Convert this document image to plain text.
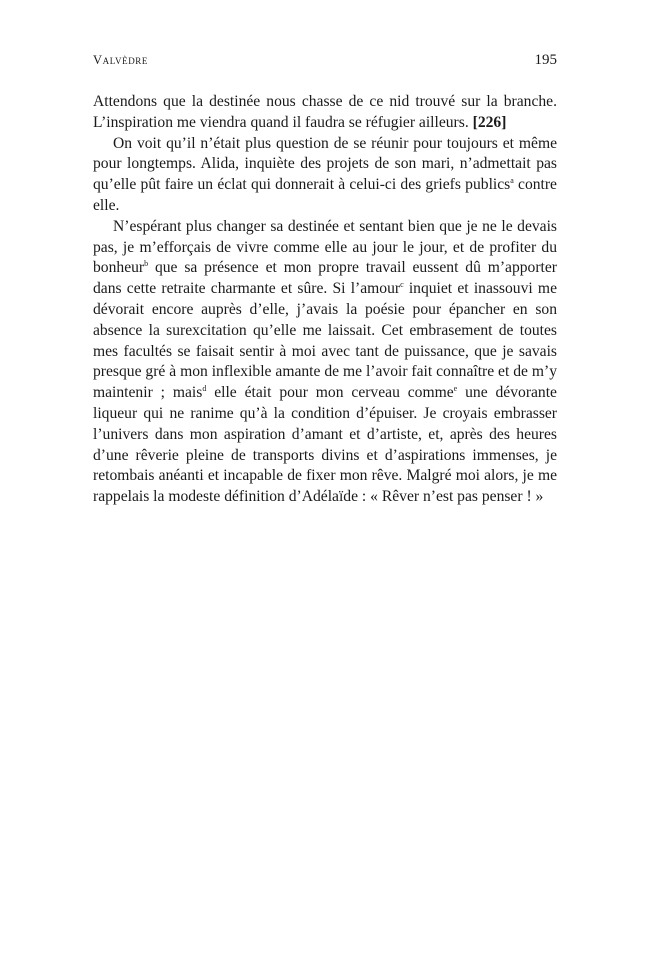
Valvèdre	195

Attendons que la destinée nous chasse de ce nid trouvé sur la branche. L’inspiration me viendra quand il faudra se réfugier ailleurs. [226]

On voit qu’il n’était plus question de se réunir pour toujours et même pour longtemps. Alida, inquiète des projets de son mari, n’admettait pas qu’elle pût faire un éclat qui donnerait à celui-ci des griefs publics$^a$ contre elle.

N’espérant plus changer sa destinée et sentant bien que je ne le devais pas, je m’efforçais de vivre comme elle au jour le jour, et de profiter du bonheur$^b$ que sa présence et mon propre travail eussent dû m’apporter dans cette retraite charmante et sûre. Si l’amour$^c$ inquiet et inassouvi me dévorait encore auprès d’elle, j’avais la poésie pour épancher en son absence la surexcitation qu’elle me laissait. Cet embrasement de toutes mes facultés se faisait sentir à moi avec tant de puissance, que je savais presque gré à mon inflexible amante de me l’avoir fait connaître et de m’y maintenir ; mais$^d$ elle était pour mon cerveau comme$^e$ une dévorante liqueur qui ne ranime qu’à la condition d’épuiser. Je croyais embrasser l’univers dans mon aspiration d’amant et d’artiste, et, après des heures d’une rêverie pleine de transports divins et d’aspirations immenses, je retombais anéanti et incapable de fixer mon rêve. Malgré moi alors, je me rappelais la modeste définition d’Adélaïde : « Rêver n’est pas penser ! »
